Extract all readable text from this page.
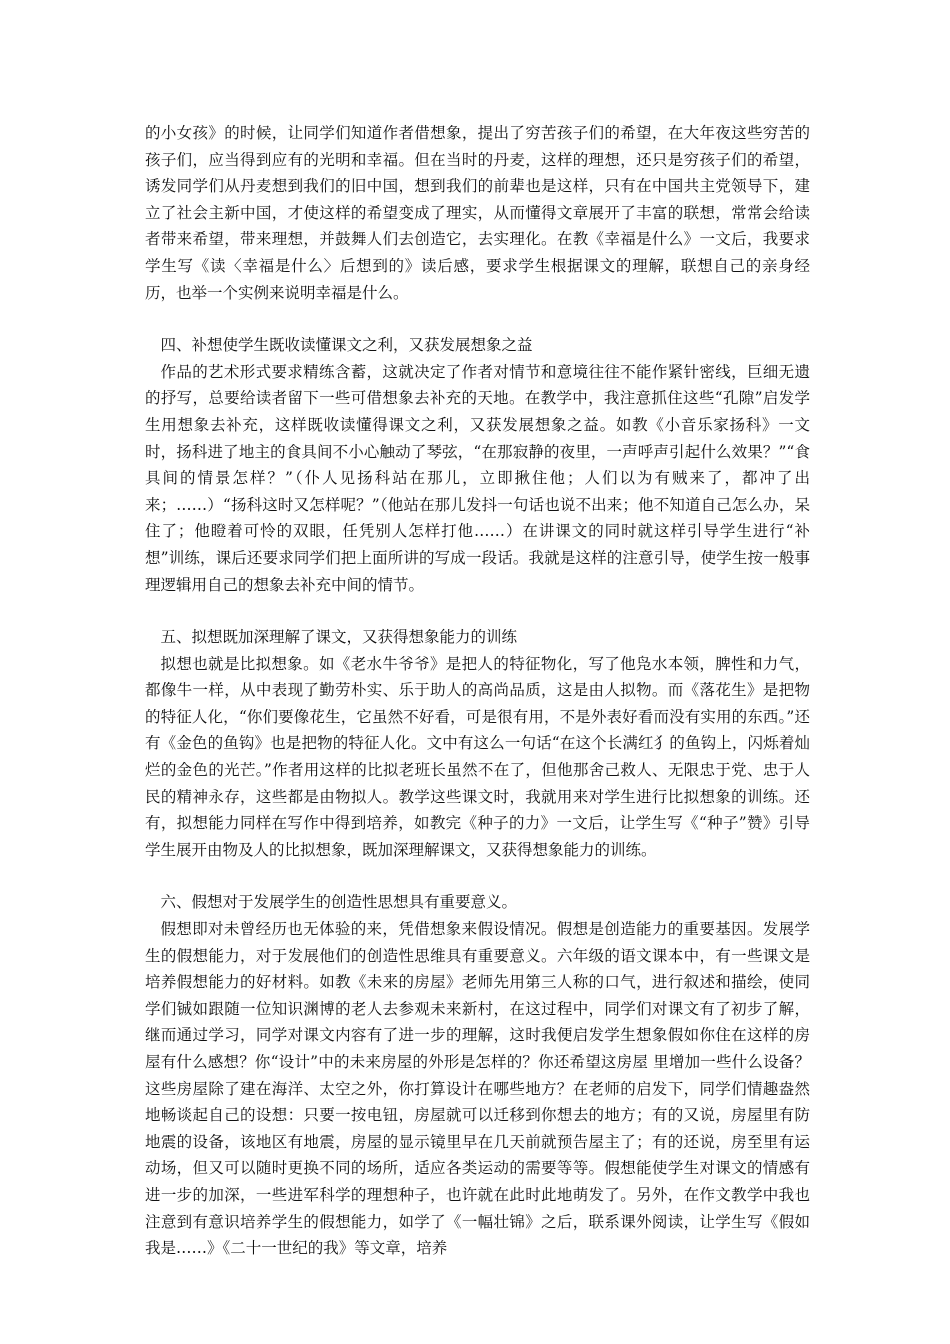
的小女孩》的时候，让同学们知道作者借想象，提出了穷苦孩子们的希望，在大年夜这些穷苦的孩子们，应当得到应有的光明和幸福。但在当时的丹麦，这样的理想，还只是穷孩子们的希望，诱发同学们从丹麦想到我们的旧中国，想到我们的前辈也是这样，只有在中国共主党领导下，建立了社会主新中国，才使这样的希望变成了理实，从而懂得文章展开了丰富的联想，常常会给读者带来希望，带来理想，并鼓舞人们去创造它，去实理化。在教《幸福是什么》一文后，我要求学生写《读〈幸福是什么〉后想到的》读后感，要求学生根据课文的理解，联想自己的亲身经历，也举一个实例来说明幸福是什么。

四、补想使学生既收读懂课文之利，又获发展想象之益

作品的艺术形式要求精练含蓄，这就决定了作者对情节和意境往往不能作紧针密线，巨细无遗的抒写，总要给读者留下一些可借想象去补充的天地。在教学中，我注意抓住这些“孔隙”启发学生用想象去补充，这样既收读懂得课文之利，又获发展想象之益。如教《小音乐家扬科》一文时，扬科进了地主的食具间不小心触动了琴弦，“在那寂静的夜里，一声呼声引起什么效果？”“食具间的情景怎样？”（仆人见扬科站在那儿，立即揪住他；人们以为有贼来了，都冲了出来；……）“扬科这时又怎样呢？”（他站在那儿发抖一句话也说不出来；他不知道自己怎么办，呆住了；他瞪着可怜的双眼，任凭别人怎样打他……）在讲课文的同时就这样引导学生进行“补想”训练，课后还要求同学们把上面所讲的写成一段话。我就是这样的注意引导，使学生按一般事理逻辑用自己的想象去补充中间的情节。

五、拟想既加深理解了课文，又获得想象能力的训练

拟想也就是比拟想象。如《老水牛爷爷》是把人的特征物化，写了他凫水本领，脾性和力气，都像牛一样，从中表现了勤劳朴实、乐于助人的高尚品质，这是由人拟物。而《落花生》是把物的特征人化，“你们要像花生，它虽然不好看，可是很有用，不是外表好看而没有实用的东西。”还有《金色的鱼钩》也是把物的特征人化。文中有这么一句话“在这个长满红犭的鱼钩上，闪烁着灿烂的金色的光芒。”作者用这样的比拟老班长虽然不在了，但他那舍己救人、无限忠于党、忠于人民的精神永存，这些都是由物拟人。教学这些课文时，我就用来对学生进行比拟想象的训练。还有，拟想能力同样在写作中得到培养，如教完《种子的力》一文后，让学生写《“种子”赞》引导学生展开由物及人的比拟想象，既加深理解课文，又获得想象能力的训练。

六、假想对于发展学生的创造性思想具有重要意义。

假想即对未曾经历也无体验的来，凭借想象来假设情况。假想是创造能力的重要基因。发展学生的假想能力，对于发展他们的创造性思维具有重要意义。六年级的语文课本中，有一些课文是培养假想能力的好材料。如教《未来的房屋》老师先用第三人称的口气，进行叙述和描绘，使同学们铖如跟随一位知识渊博的老人去参观未来新村，在这过程中，同学们对课文有了初步了解，继而通过学习，同学对课文内容有了进一步的理解，这时我便启发学生想象假如你住在这样的房屋有什么感想？你“设计”中的未来房屋的外形是怎样的？你还希望这房屋 里增加一些什么设备？这些房屋除了建在海洋、太空之外，你打算设计在哪些地方？在老师的启发下，同学们情趣盎然地畅谈起自己的设想：只要一按电钮，房屋就可以迁移到你想去的地方；有的又说，房屋里有防地震的设备，该地区有地震，房屋的显示镜里早在几天前就预告屋主了；有的还说，房至里有运动场，但又可以随时更换不同的场所，适应各类运动的需要等等。假想能使学生对课文的情感有进一步的加深，一些进军科学的理想种子，也许就在此时此地萌发了。另外，在作文教学中我也注意到有意识培养学生的假想能力，如学了《一幅壮锦》之后，联系课外阅读，让学生写《假如我是……》《二十一世纪的我》等文章，培养
